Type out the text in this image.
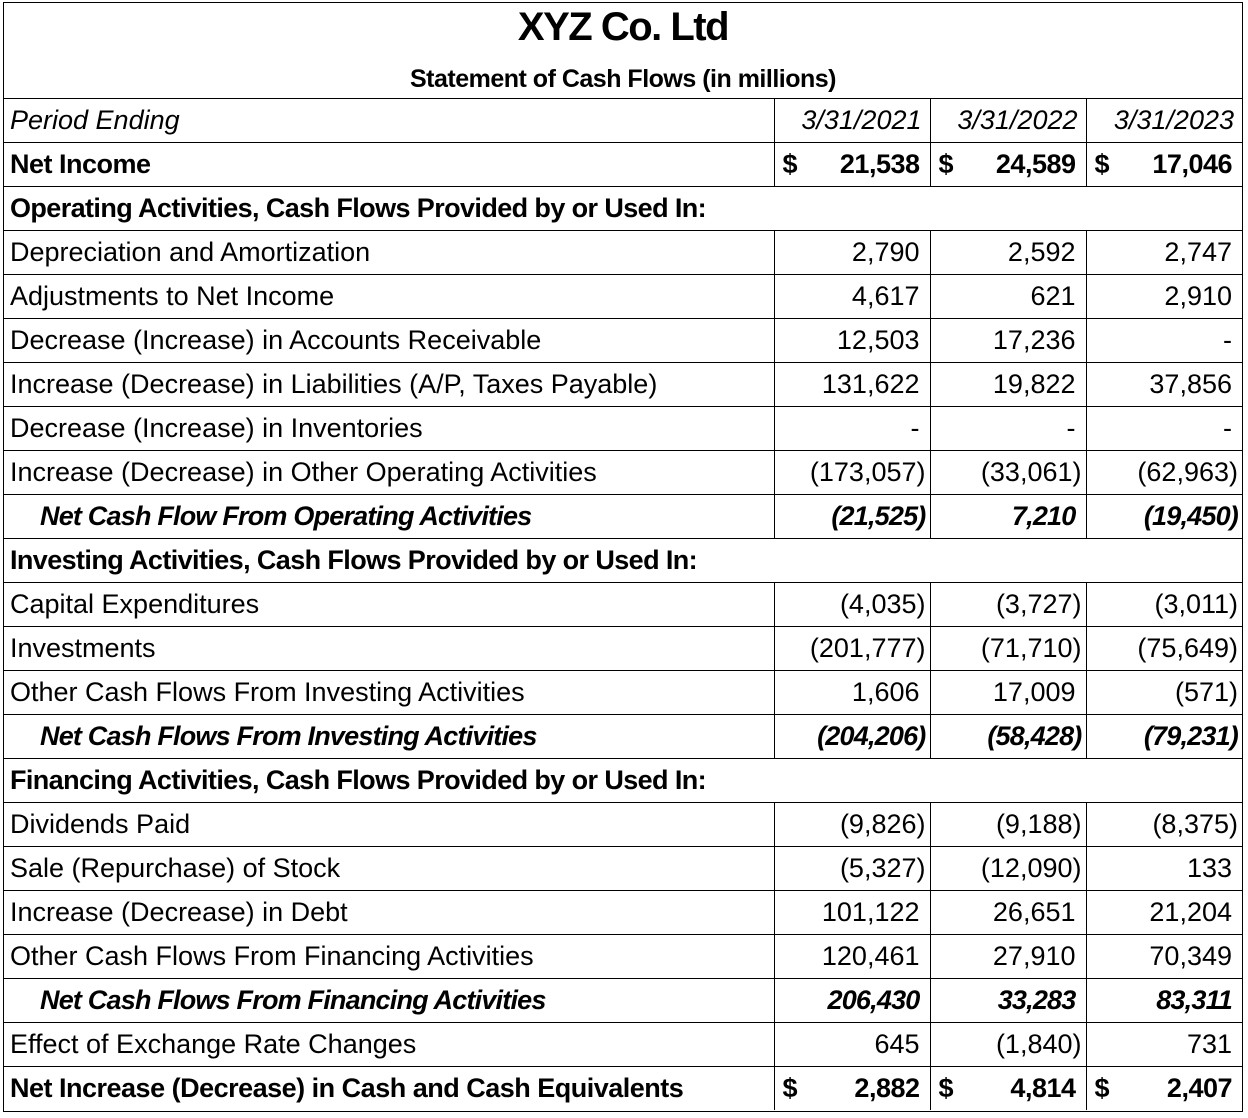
XYZ Co. Ltd
Statement of Cash Flows (in millions)
Period Ending	3/31/2021	3/31/2022	3/31/2023
Net Income	$ 21,538	$ 24,589	$ 17,046
Operating Activities, Cash Flows Provided by or Used In:			
Depreciation and Amortization	2,790	2,592	2,747
Adjustments to Net Income	4,617	621	2,910
Decrease (Increase) in Accounts Receivable	12,503	17,236	-
Increase (Decrease) in Liabilities (A/P, Taxes Payable)	131,622	19,822	37,856
Decrease (Increase) in Inventories	-	-	-
Increase (Decrease) in Other Operating Activities	(173,057)	(33,061)	(62,963)
Net Cash Flow From Operating Activities	(21,525)	7,210	(19,450)
Investing Activities, Cash Flows Provided by or Used In:			
Capital Expenditures	(4,035)	(3,727)	(3,011)
Investments	(201,777)	(71,710)	(75,649)
Other Cash Flows From Investing Activities	1,606	17,009	(571)
Net Cash Flows From Investing Activities	(204,206)	(58,428)	(79,231)
Financing Activities, Cash Flows Provided by or Used In:			
Dividends Paid	(9,826)	(9,188)	(8,375)
Sale (Repurchase) of Stock	(5,327)	(12,090)	133
Increase (Decrease) in Debt	101,122	26,651	21,204
Other Cash Flows From Financing Activities	120,461	27,910	70,349
Net Cash Flows From Financing Activities	206,430	33,283	83,311
Effect of Exchange Rate Changes	645	(1,840)	731
Net Increase (Decrease) in Cash and Cash Equivalents	$ 2,882	$ 4,814	$ 2,407
